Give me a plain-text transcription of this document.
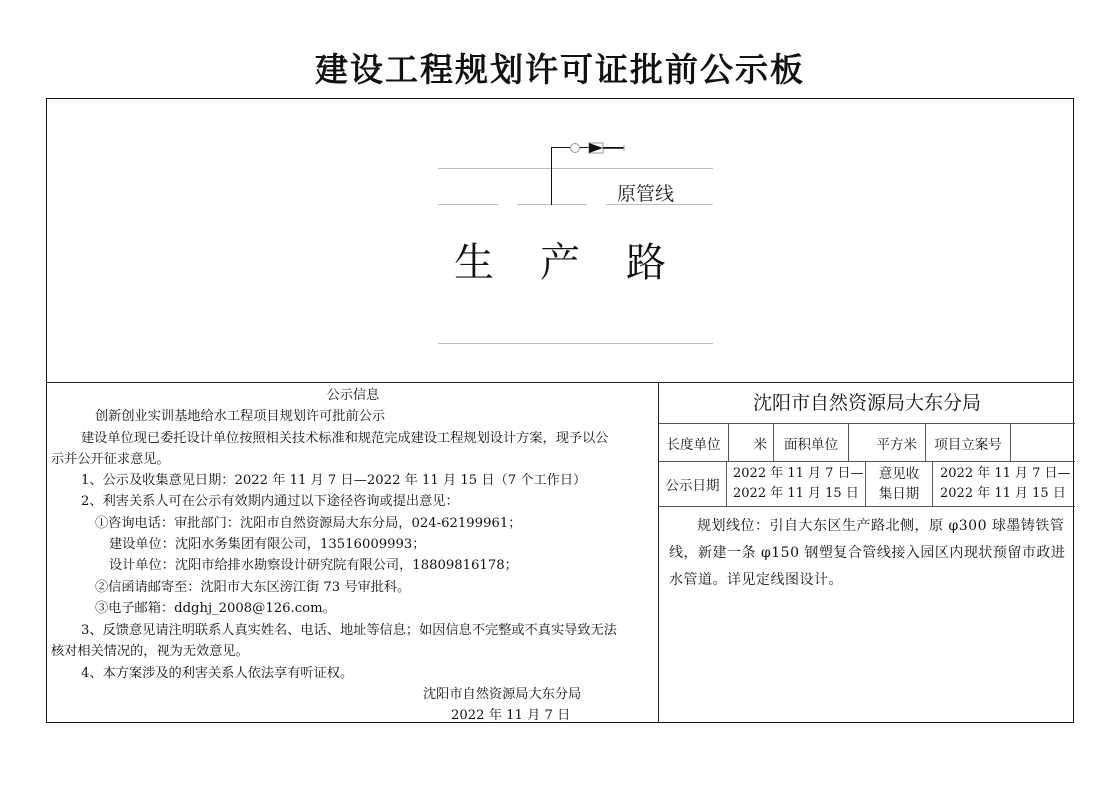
建设工程规划许可证批前公示板
原管线
生产路
公示信息
创新创业实训基地给水工程项目规划许可批前公示
建设单位现已委托设计单位按照相关技术标准和规范完成建设工程规划设计方案，现予以公
示并公开征求意见。
1、公示及收集意见日期：2022 年 11 月 7 日—2022 年 11 月 15 日（7 个工作日）
2、利害关系人可在公示有效期内通过以下途径咨询或提出意见：
①咨询电话：审批部门：沈阳市自然资源局大东分局，024-62199961；
建设单位：沈阳水务集团有限公司，13516009993；
设计单位：沈阳市给排水勘察设计研究院有限公司，18809816178；
②信函请邮寄至：沈阳市大东区滂江街 73 号审批科。
③电子邮箱：ddghj_2008@126.com。
3、反馈意见请注明联系人真实姓名、电话、地址等信息；如因信息不完整或不真实导致无法
核对相关情况的，视为无效意见。
4、本方案涉及的利害关系人依法享有听证权。
沈阳市自然资源局大东分局
2022 年 11 月 7 日
沈阳市自然资源局大东分局
长度单位 米 面积单位	平方米 项目立案号
公示日期
2022 年 11 月 7 日—
2022 年 11 月 15 日
意见收
集日期
2022 年 11 月 7 日—
2022 年 11 月 15 日
规划线位：引自大东区生产路北侧，原 φ300 球墨铸铁管线，新建一条 φ150 钢塑复合管线接入园区内现状预留市政进水管道。详见定线图设计。
